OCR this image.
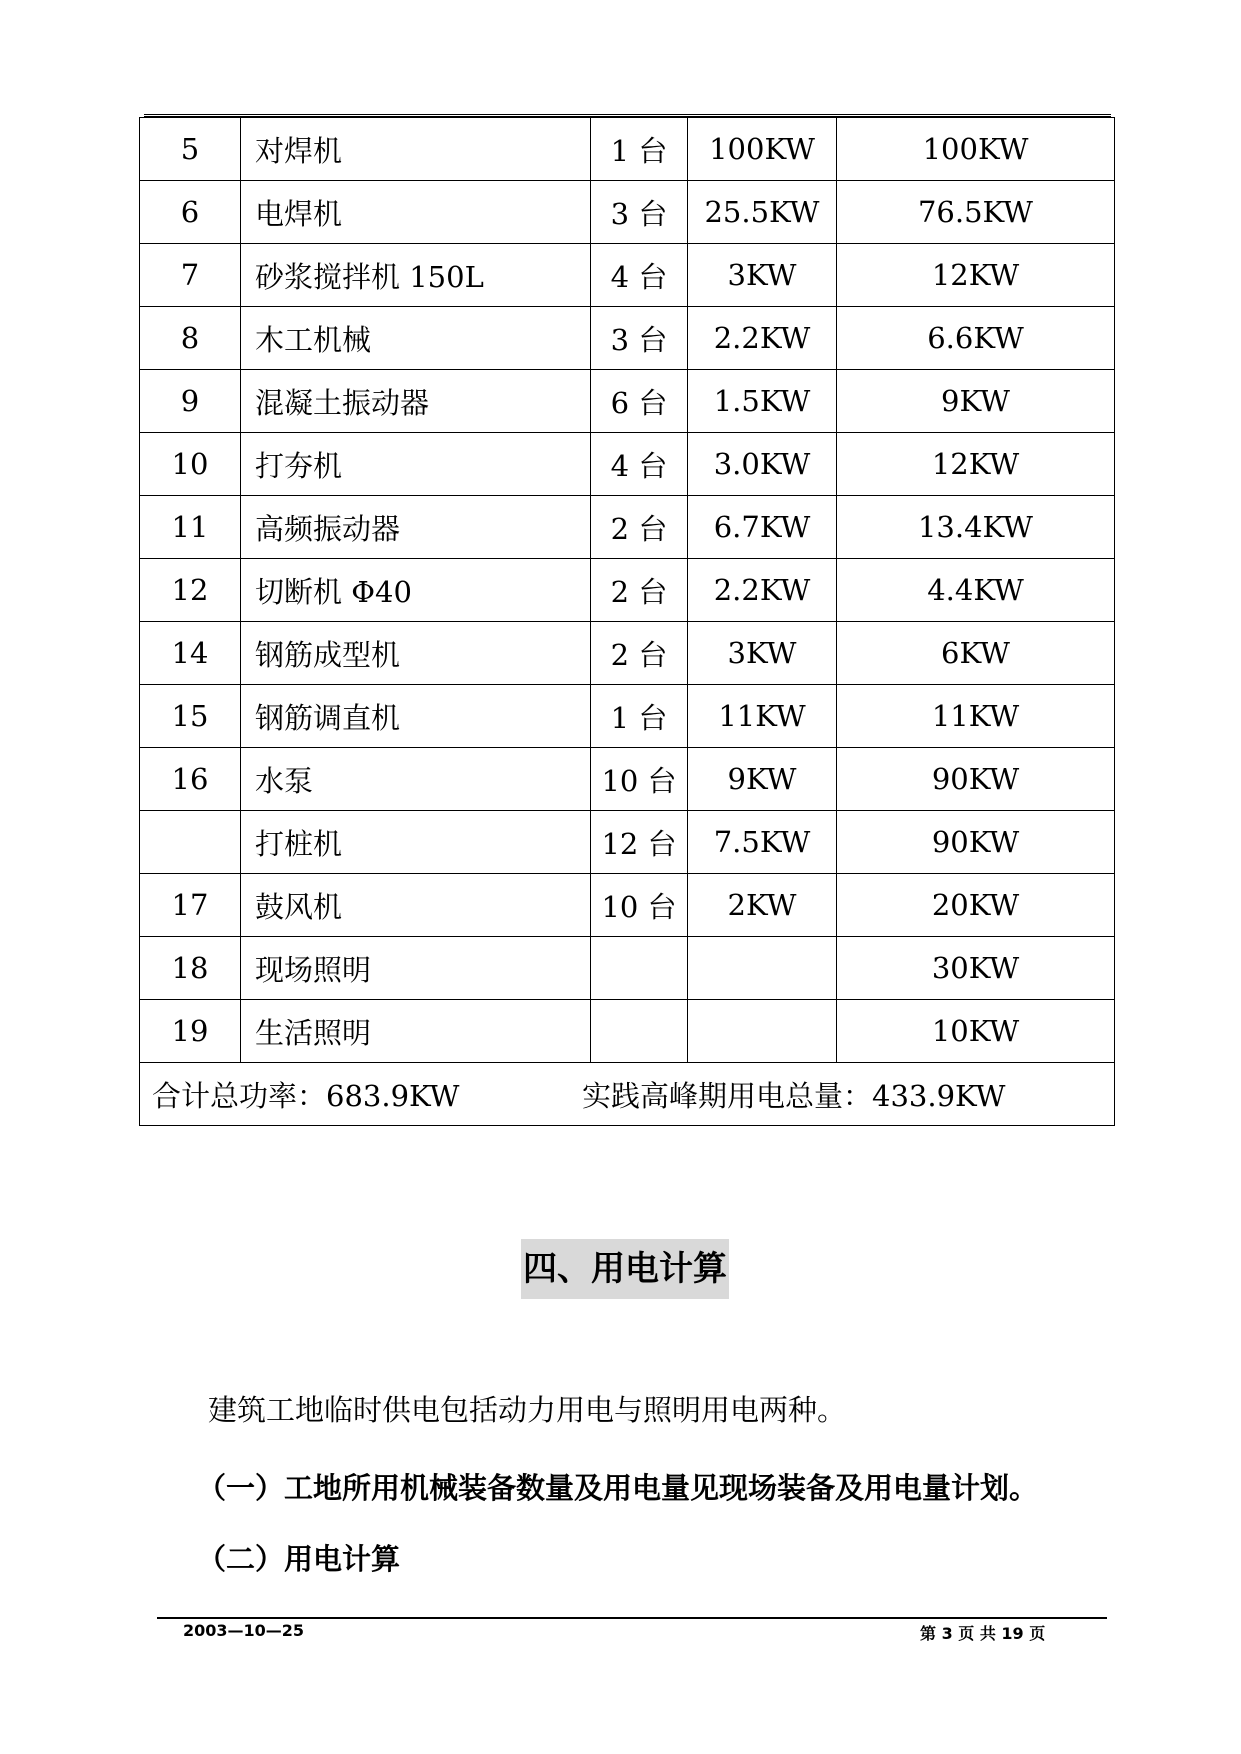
5	对焊机	1 台	100KW	100KW
6	电焊机	3 台	25.5KW	76.5KW
7	砂浆搅拌机 150L	4 台	3KW	12KW
8	木工机械	3 台	2.2KW	6.6KW
9	混凝土振动器	6 台	1.5KW	9KW
10	打夯机	4 台	3.0KW	12KW
11	高频振动器	2 台	6.7KW	13.4KW
12	切断机 Φ40	2 台	2.2KW	4.4KW
14	钢筋成型机	2 台	3KW	6KW
15	钢筋调直机	1 台	11KW	11KW
16	水泵	10 台	9KW	90KW
	打桩机	12 台	7.5KW	90KW
17	鼓风机	10 台	2KW	20KW
18	现场照明			30KW
19	生活照明			10KW
合计总功率：683.9KW 实践高峰期用电总量：433.9KW				
四、用电计算
建筑工地临时供电包括动力用电与照明用电两种。
（一）工地所用机械装备数量及用电量见现场装备及用电量计划。
（二）用电计算
2003—10—25	第 3 页 共 19 页
